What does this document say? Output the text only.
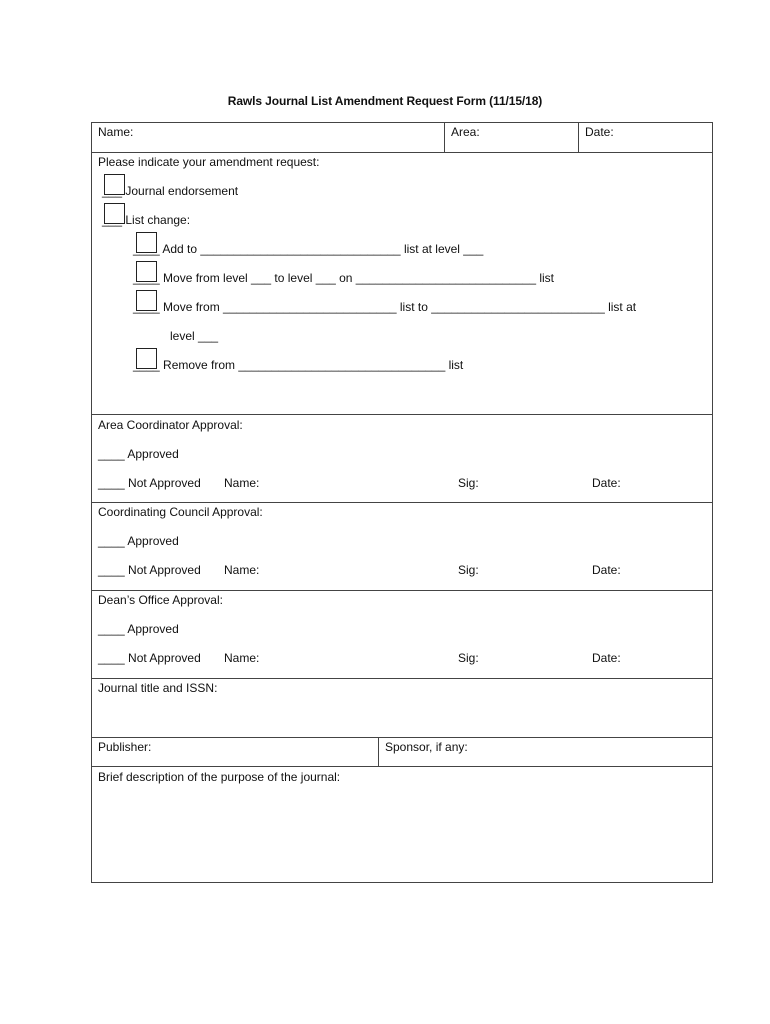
Rawls Journal List Amendment Request Form (11/15/18)
Name:	Area:	Date:
Please indicate your amendment request:
___ Journal endorsement
___ List change:
____ Add to ______________________________ list at level ___
____ Move from level ___ to level ___ on ___________________________ list
____ Move from __________________________ list to __________________________ list at
level ___
____ Remove from _______________________________ list
Area Coordinator Approval:
____ Approved
____ Not Approved Name:	Sig:	Date:
Coordinating Council Approval:
____ Approved
____ Not Approved Name:	Sig:	Date:
Dean’s Office Approval:
____ Approved
____ Not Approved Name:	Sig:	Date:
Journal title and ISSN:
Publisher:	Sponsor, if any:
Brief description of the purpose of the journal:
